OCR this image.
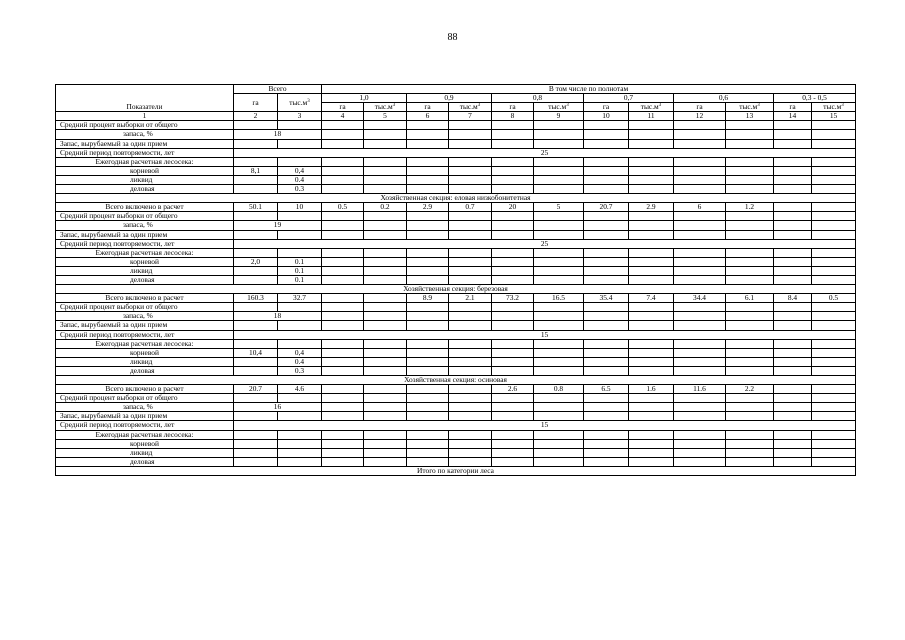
88
Показатели	Всего		В том числе по полнотам											
	га	$тыс.м^3$	1,0		0,9		0,8		0,7		0,6		0,3 - 0,5	
			га	$тыс.м^3$	га	$тыс.м^3$	га	$тыс.м^3$	га	$тыс.м^3$	га	$тыс.м^3$	га	$тыс.м^3$
1	2	3	4	5	6	7	8	9	10	11	12	13	14	15
Средний процент выборки от общего														
запаса, %	18													
Запас, вырубаемый за один прием														
Средний период повторяемости, лет	25													
Ежегодная расчетная лесосека:														
корневой	8,1	0,4												
ликвид		0.4												
деловая		0.3												
Хозяйственная секция: еловая низкобонитетная														
Всего включено в расчет	50.1	10	0.5	0.2	2.9	0.7	20	5	20.7	2.9	6	1.2		
Средний процент выборки от общего														
запаса, %	19													
Запас, вырубаемый за один прием														
Средний период повторяемости, лет	25													
Ежегодная расчетная лесосека:														
корневой	2,0	0.1												
ликвид		0.1												
деловая		0.1												
Хозяйственная секция: березовая														
Всего включено в расчет	160.3	32.7			8.9	2.1	73.2	16.5	35.4	7.4	34.4	6.1	8.4	0.5
Средний процент выборки от общего														
запаса, %	18													
Запас, вырубаемый за один прием														
Средний период повторяемости, лет	15													
Ежегодная расчетная лесосека:														
корневой	10,4	0,4												
ликвид		0.4												
деловая		0.3												
Хозяйственная секция: осиновая														
Всего включено в расчет	20.7	4.6					2.6	0.8	6.5	1.6	11.6	2.2		
Средний процент выборки от общего														
запаса, %	16													
Запас, вырубаемый за один прием														
Средний период повторяемости, лет	15													
Ежегодная расчетная лесосека:														
корневой														
ликвид														
деловая														
Итого по категории леса														
